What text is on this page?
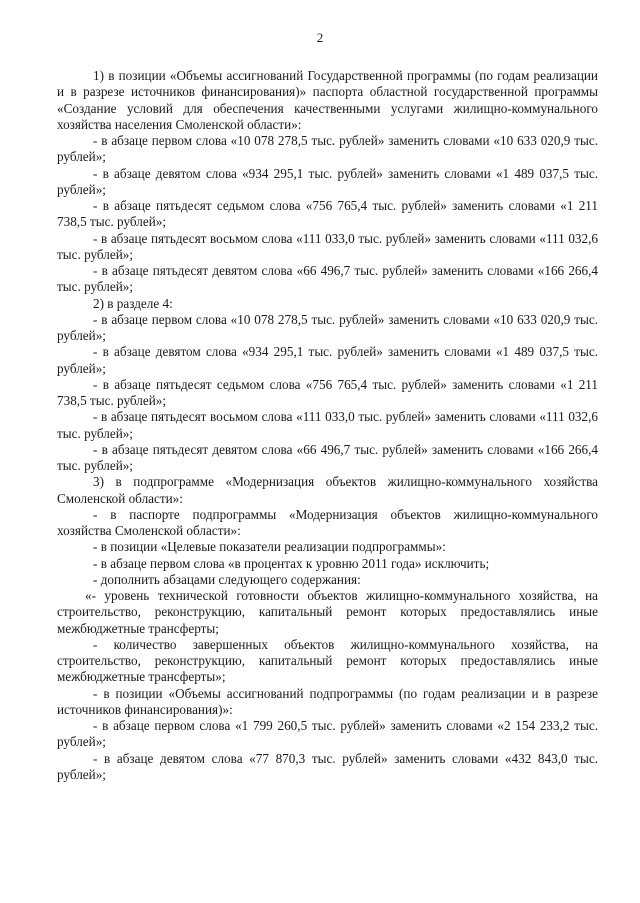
2

1) в позиции «Объемы ассигнований Государственной программы (по годам реализации и в разрезе источников финансирования)» паспорта областной государственной программы «Создание условий для обеспечения качественными услугами жилищно-коммунального хозяйства населения Смоленской области»:

- в абзаце первом слова «10 078 278,5 тыс. рублей» заменить словами «10 633 020,9 тыс. рублей»;

- в абзаце девятом слова «934 295,1 тыс. рублей» заменить словами «1 489 037,5 тыс. рублей»;

- в абзаце пятьдесят седьмом слова «756 765,4 тыс. рублей» заменить словами «1 211 738,5 тыс. рублей»;

- в абзаце пятьдесят восьмом слова «111 033,0 тыс. рублей» заменить словами «111 032,6 тыс. рублей»;

- в абзаце пятьдесят девятом слова «66 496,7 тыс. рублей» заменить словами «166 266,4 тыс. рублей»;

2) в разделе 4:

- в абзаце первом слова «10 078 278,5 тыс. рублей» заменить словами «10 633 020,9 тыс. рублей»;

- в абзаце девятом слова «934 295,1 тыс. рублей» заменить словами «1 489 037,5 тыс. рублей»;

- в абзаце пятьдесят седьмом слова «756 765,4 тыс. рублей» заменить словами «1 211 738,5 тыс. рублей»;

- в абзаце пятьдесят восьмом слова «111 033,0 тыс. рублей» заменить словами «111 032,6 тыс. рублей»;

- в абзаце пятьдесят девятом слова «66 496,7 тыс. рублей» заменить словами «166 266,4 тыс. рублей»;

3) в подпрограмме «Модернизация объектов жилищно-коммунального хозяйства Смоленской области»:

- в паспорте подпрограммы «Модернизация объектов жилищно-коммунального хозяйства Смоленской области»:

- в позиции «Целевые показатели реализации подпрограммы»:

- в абзаце первом слова «в процентах к уровню 2011 года» исключить;

- дополнить абзацами следующего содержания:

«- уровень технической готовности объектов жилищно-коммунального хозяйства, на строительство, реконструкцию, капитальный ремонт которых предоставлялись иные межбюджетные трансферты;

- количество завершенных объектов жилищно-коммунального хозяйства, на строительство, реконструкцию, капитальный ремонт которых предоставлялись иные межбюджетные трансферты»;

- в позиции «Объемы ассигнований подпрограммы (по годам реализации и в разрезе источников финансирования)»:

- в абзаце первом слова «1 799 260,5 тыс. рублей» заменить словами «2 154 233,2 тыс. рублей»;

- в абзаце девятом слова «77 870,3 тыс. рублей» заменить словами «432 843,0 тыс. рублей»;
